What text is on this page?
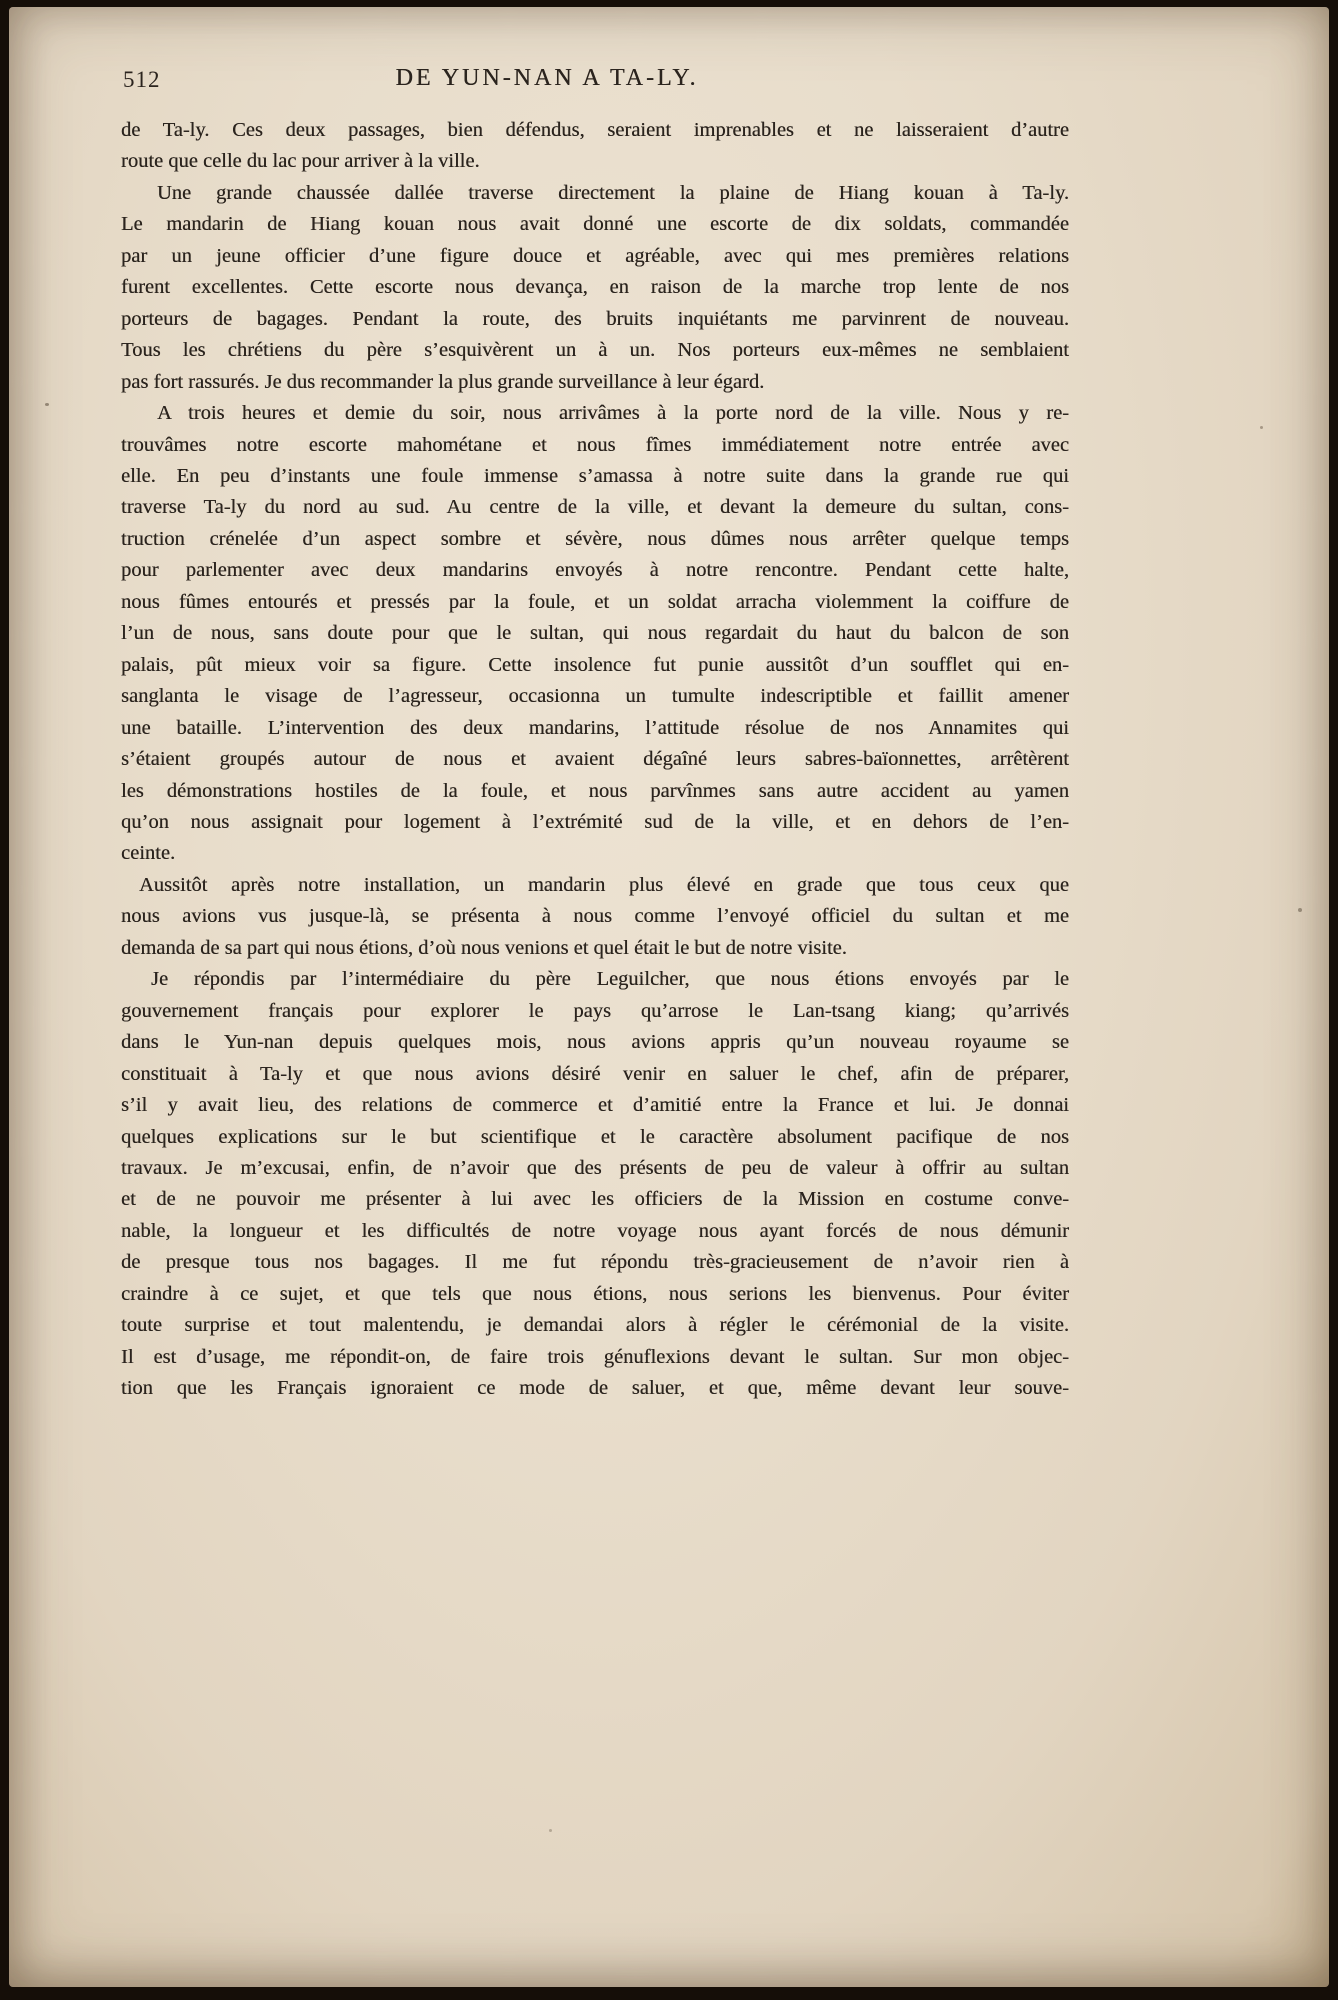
512	DE YUN-NAN A TA-LY.
de Ta-ly. Ces deux passages, bien défendus, seraient imprenables et ne laisseraient d’autre
route que celle du lac pour arriver à la ville.
Une grande chaussée dallée traverse directement la plaine de Hiang kouan à Ta-ly.
Le mandarin de Hiang kouan nous avait donné une escorte de dix soldats, commandée
par un jeune officier d’une figure douce et agréable, avec qui mes premières relations
furent excellentes. Cette escorte nous devança, en raison de la marche trop lente de nos
porteurs de bagages. Pendant la route, des bruits inquiétants me parvinrent de nouveau.
Tous les chrétiens du père s’esquivèrent un à un. Nos porteurs eux-mêmes ne semblaient
pas fort rassurés. Je dus recommander la plus grande surveillance à leur égard.
A trois heures et demie du soir, nous arrivâmes à la porte nord de la ville. Nous y re-
trouvâmes notre escorte mahométane et nous fîmes immédiatement notre entrée avec
elle. En peu d’instants une foule immense s’amassa à notre suite dans la grande rue qui
traverse Ta-ly du nord au sud. Au centre de la ville, et devant la demeure du sultan, cons-
truction crénelée d’un aspect sombre et sévère, nous dûmes nous arrêter quelque temps
pour parlementer avec deux mandarins envoyés à notre rencontre. Pendant cette halte,
nous fûmes entourés et pressés par la foule, et un soldat arracha violemment la coiffure de
l’un de nous, sans doute pour que le sultan, qui nous regardait du haut du balcon de son
palais, pût mieux voir sa figure. Cette insolence fut punie aussitôt d’un soufflet qui en-
sanglanta le visage de l’agresseur, occasionna un tumulte indescriptible et faillit amener
une bataille. L’intervention des deux mandarins, l’attitude résolue de nos Annamites qui
s’étaient groupés autour de nous et avaient dégaîné leurs sabres-baïonnettes, arrêtèrent
les démonstrations hostiles de la foule, et nous parvînmes sans autre accident au yamen
qu’on nous assignait pour logement à l’extrémité sud de la ville, et en dehors de l’en-
ceinte.
Aussitôt après notre installation, un mandarin plus élevé en grade que tous ceux que
nous avions vus jusque-là, se présenta à nous comme l’envoyé officiel du sultan et me
demanda de sa part qui nous étions, d’où nous venions et quel était le but de notre visite.
Je répondis par l’intermédiaire du père Leguilcher, que nous étions envoyés par le
gouvernement français pour explorer le pays qu’arrose le Lan-tsang kiang; qu’arrivés
dans le Yun-nan depuis quelques mois, nous avions appris qu’un nouveau royaume se
constituait à Ta-ly et que nous avions désiré venir en saluer le chef, afin de préparer,
s’il y avait lieu, des relations de commerce et d’amitié entre la France et lui. Je donnai
quelques explications sur le but scientifique et le caractère absolument pacifique de nos
travaux. Je m’excusai, enfin, de n’avoir que des présents de peu de valeur à offrir au sultan
et de ne pouvoir me présenter à lui avec les officiers de la Mission en costume conve-
nable, la longueur et les difficultés de notre voyage nous ayant forcés de nous démunir
de presque tous nos bagages. Il me fut répondu très-gracieusement de n’avoir rien à
craindre à ce sujet, et que tels que nous étions, nous serions les bienvenus. Pour éviter
toute surprise et tout malentendu, je demandai alors à régler le cérémonial de la visite.
Il est d’usage, me répondit-on, de faire trois génuflexions devant le sultan. Sur mon objec-
tion que les Français ignoraient ce mode de saluer, et que, même devant leur souve-
